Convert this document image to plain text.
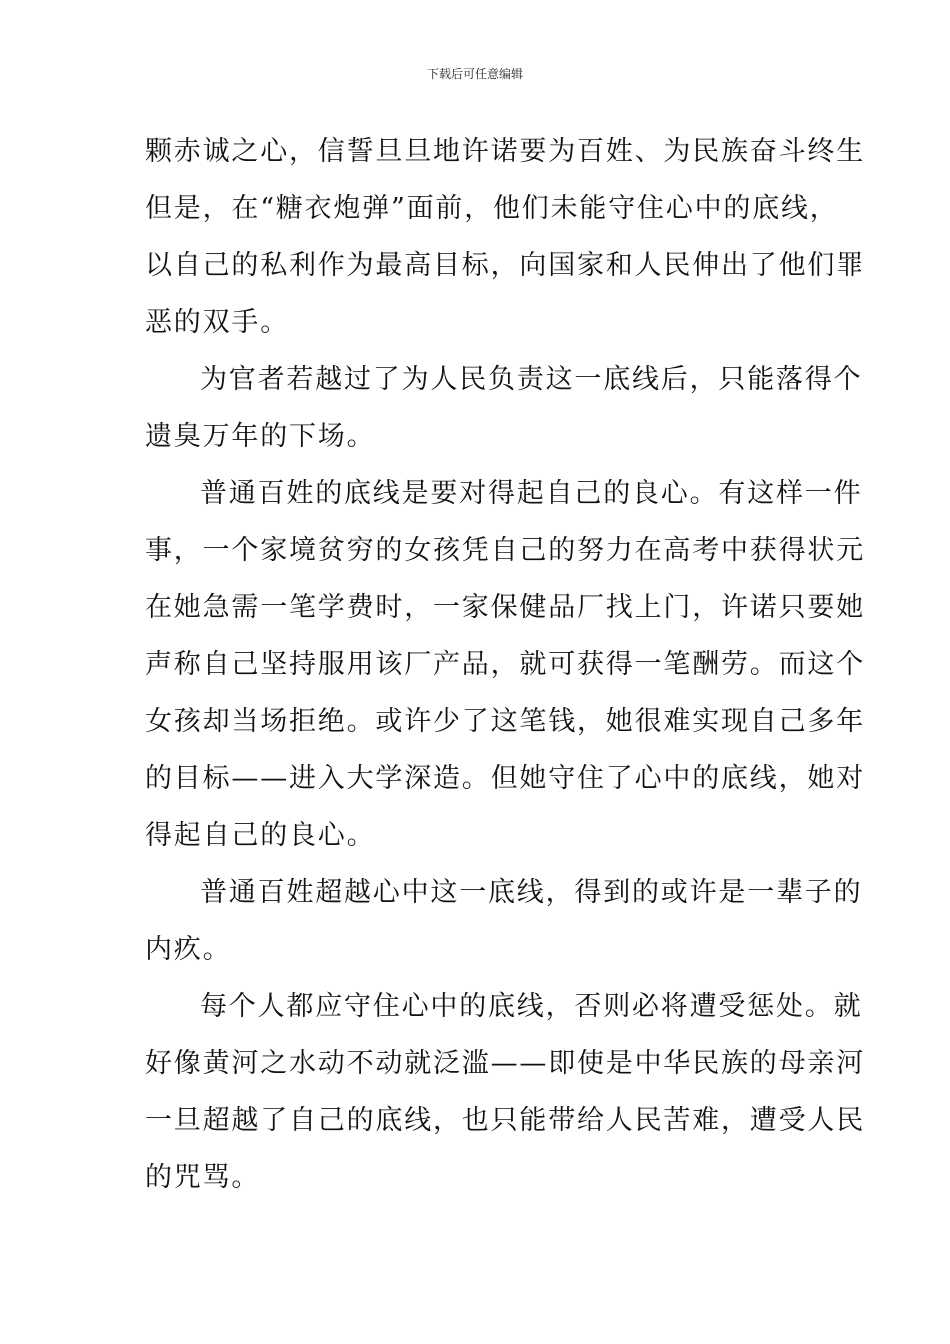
下载后可任意编辑
颗赤诚之心，信誓旦旦地许诺要为百姓、为民族奋斗终生
但是，在“糖衣炮弹”面前，他们未能守住心中的底线，
以自己的私利作为最高目标，向国家和人民伸出了他们罪
恶的双手。
为官者若越过了为人民负责这一底线后，只能落得个
遗臭万年的下场。
普通百姓的底线是要对得起自己的良心。有这样一件
事，一个家境贫穷的女孩凭自己的努力在高考中获得状元
在她急需一笔学费时，一家保健品厂找上门，许诺只要她
声称自己坚持服用该厂产品，就可获得一笔酬劳。而这个
女孩却当场拒绝。或许少了这笔钱，她很难实现自己多年
的目标——进入大学深造。但她守住了心中的底线，她对
得起自己的良心。
普通百姓超越心中这一底线，得到的或许是一辈子的
内疚。
每个人都应守住心中的底线，否则必将遭受惩处。就
好像黄河之水动不动就泛滥——即使是中华民族的母亲河
一旦超越了自己的底线，也只能带给人民苦难，遭受人民
的咒骂。
